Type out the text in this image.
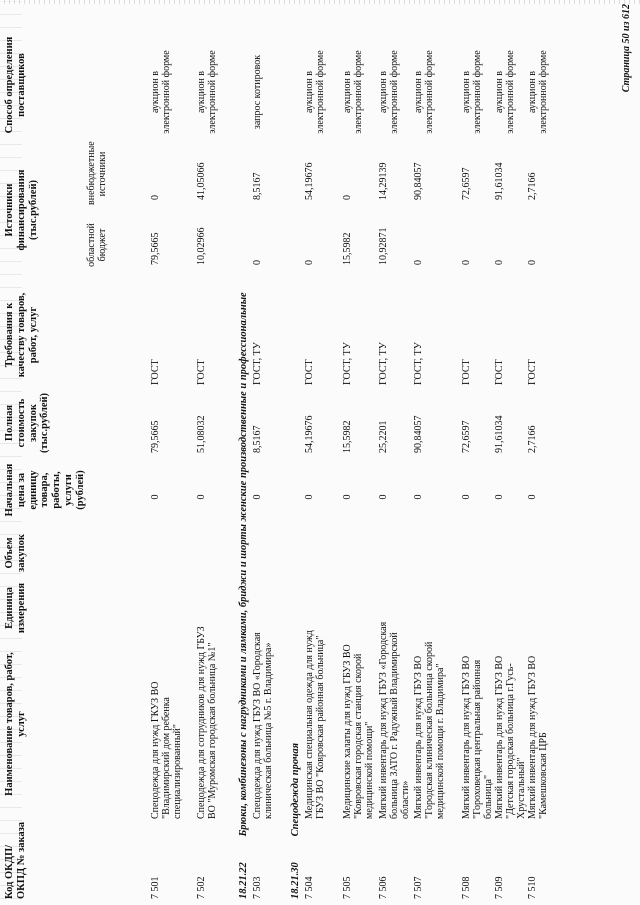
Код ОКДП/ ОКПД № заказа
Наименование товаров, работ, услуг
Единица измерения
Объем закупок
Начальная цена за единицу товара, работы, услуги (рублей)
Полная стоимость закупок (тыс.рублей)
Требования к качеству товаров, работ, услуг
Источники финансирования (тыс.рублей)
областной бюджет
внебюджетные источники
Способ определения поставщиков
7 501
Спецодежда для нужд ГКУЗ ВО "Владимирский дом ребенка специализированный"
0
79,5665
ГОСТ
79,5665
0
аукцион в электронной форме
7 502
Спецодежда для сотрудников для нужд ГБУЗ ВО "Муромская городская больница №1"
0
51,08032
ГОСТ
10,02966
41,05066
аукцион в электронной форме
18.21.22 Брюки, комбинезоны с нагрудниками и лямками, бриджи и шорты женские производственные и профессиональные
7 503
Спецодежда для нужд ГБУЗ ВО «Городская клиническая больница №5 г. Владимира»
0
8,5167
ГОСТ, ТУ
0
8,5167
запрос котировок
18.21.30 Спецодежда прочая
7 504
Медицинская специальная одежда для нужд ГБУЗ ВО "Ковровская районная больница"
0
54,19676
ГОСТ
0
54,19676
аукцион в электронной форме
7 505
Медицинские халаты для нужд ГБУЗ ВО "Ковровская городская станция скорой медицинской помощи"
0
15,5982
ГОСТ, ТУ
15,5982
0
аукцион в электронной форме
7 506
Мягкий инвентарь для нужд ГБУЗ «Городская больница ЗАТО г. Радужный Владимирской области»
0
25,2201
ГОСТ, ТУ
10,92871
14,29139
аукцион в электронной форме
7 507
Мягкий инвентарь для нужд ГБУЗ ВО "Городская клиническая больница скорой медицинской помощи г. Владимира"
0
90,84057
ГОСТ, ТУ
0
90,84057
аукцион в электронной форме
7 508
Мягкий инвентарь для нужд ГБУЗ ВО "Гороховецкая центральная районная больница"
0
72,6597
ГОСТ
0
72,6597
аукцион в электронной форме
7 509
Мягкий инвентарь для нужд ГБУЗ ВО "Детская городская больница г.Гусь-Хрустальный"
0
91,61034
ГОСТ
0
91,61034
аукцион в электронной форме
7 510
Мягкий инвентарь для нужд ГБУЗ ВО "Камешковская ЦРБ
0
2,7166
ГОСТ
0
2,7166
аукцион в электронной форме	Страница 50 из 612
